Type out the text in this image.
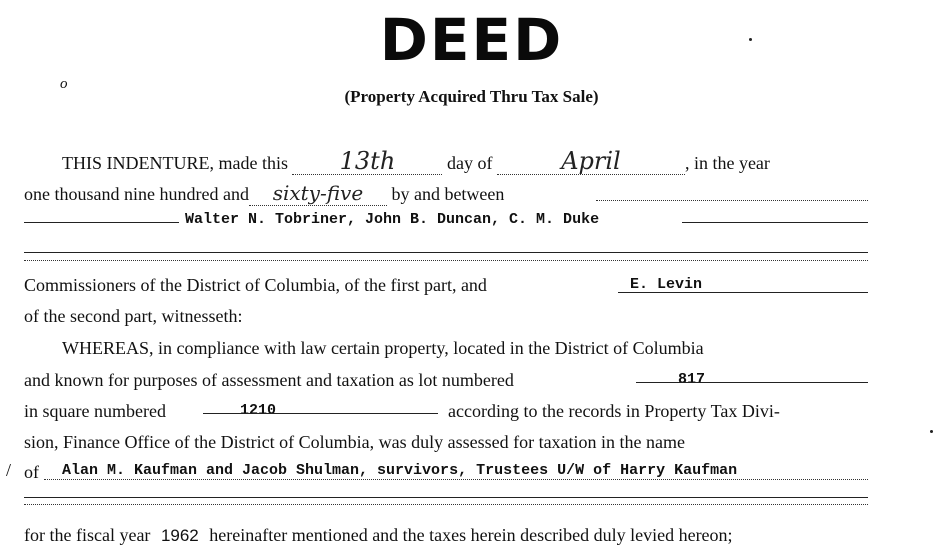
DEED
(Property Acquired Thru Tax Sale)
o
THIS INDENTURE, made this 13th	day of	April	, in the year
one thousand nine hundred and sixty-five by and between
Walter N. Tobriner, John B. Duncan, C. M. Duke
Commissioners of the District of Columbia, of the first part, and	E. Levin
of the second part, witnesseth:
WHEREAS, in compliance with law certain property, located in the District of Columbia
and known for purposes of assessment and taxation as lot numbered	817
in square numbered	1210	according to the records in Property Tax Divi-
sion, Finance Office of the District of Columbia, was duly assessed for taxation in the name
/ of Alan M. Kaufman and Jacob Shulman, survivors, Trustees U/W of Harry Kaufman
for the fiscal year 1962 hereinafter mentioned and the taxes herein described duly levied hereon;
